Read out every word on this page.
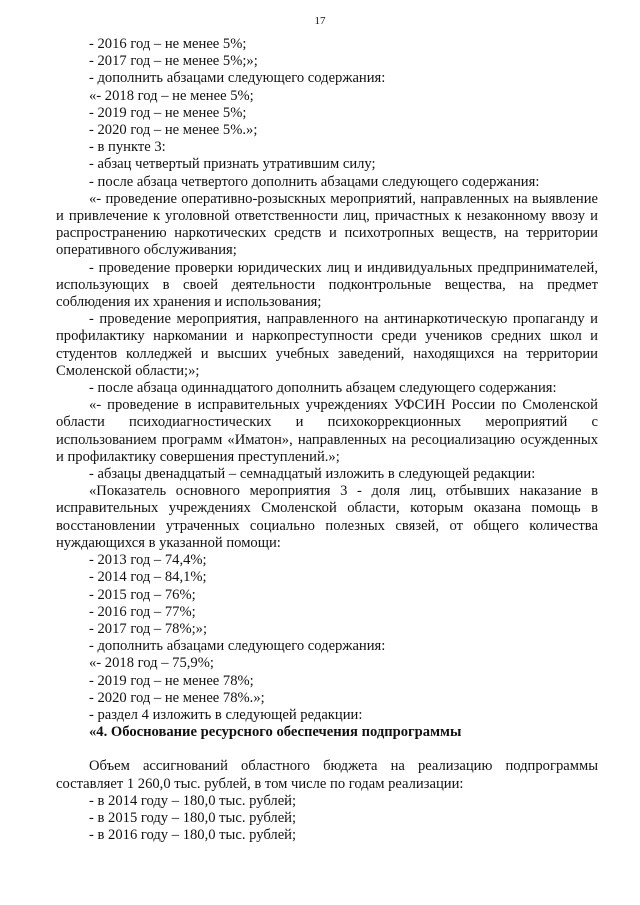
17

- 2016 год – не менее 5%;

- 2017 год – не менее 5%;»;

- дополнить абзацами следующего содержания:

«- 2018 год – не менее 5%;

- 2019 год – не менее 5%;

- 2020 год – не менее 5%.»;

- в пункте 3:

- абзац четвертый признать утратившим силу;

- после абзаца четвертого дополнить абзацами следующего содержания:

«- проведение оперативно-розыскных мероприятий, направленных на выявление и привлечение к уголовной ответственности лиц, причастных к незаконному ввозу и распространению наркотических средств и психотропных веществ, на территории оперативного обслуживания;

- проведение проверки юридических лиц и индивидуальных предпринимателей, использующих в своей деятельности подконтрольные вещества, на предмет соблюдения их хранения и использования;

- проведение мероприятия, направленного на антинаркотическую пропаганду и профилактику наркомании и наркопреступности среди учеников средних школ и студентов колледжей и высших учебных заведений, находящихся на территории Смоленской области;»;

- после абзаца одиннадцатого дополнить абзацем следующего содержания:

«- проведение в исправительных учреждениях УФСИН России по Смоленской области психодиагностических и психокоррекционных мероприятий с использованием программ «Иматон», направленных на ресоциализацию осужденных и профилактику совершения преступлений.»;

- абзацы двенадцатый – семнадцатый изложить в следующей редакции:

«Показатель основного мероприятия 3 - доля лиц, отбывших наказание в исправительных учреждениях Смоленской области, которым оказана помощь в восстановлении утраченных социально полезных связей, от общего количества нуждающихся в указанной помощи:

- 2013 год – 74,4%;

- 2014 год – 84,1%;

- 2015 год – 76%;

- 2016 год – 77%;

- 2017 год – 78%;»;

- дополнить абзацами следующего содержания:

«- 2018 год – 75,9%;

- 2019 год – не менее 78%;

- 2020 год – не менее 78%.»;

- раздел 4 изложить в следующей редакции:

«4. Обоснование ресурсного обеспечения подпрограммы

Объем ассигнований областного бюджета на реализацию подпрограммы составляет 1 260,0 тыс. рублей, в том числе по годам реализации:

- в 2014 году – 180,0 тыс. рублей;

- в 2015 году – 180,0 тыс. рублей;

- в 2016 году – 180,0 тыс. рублей;
